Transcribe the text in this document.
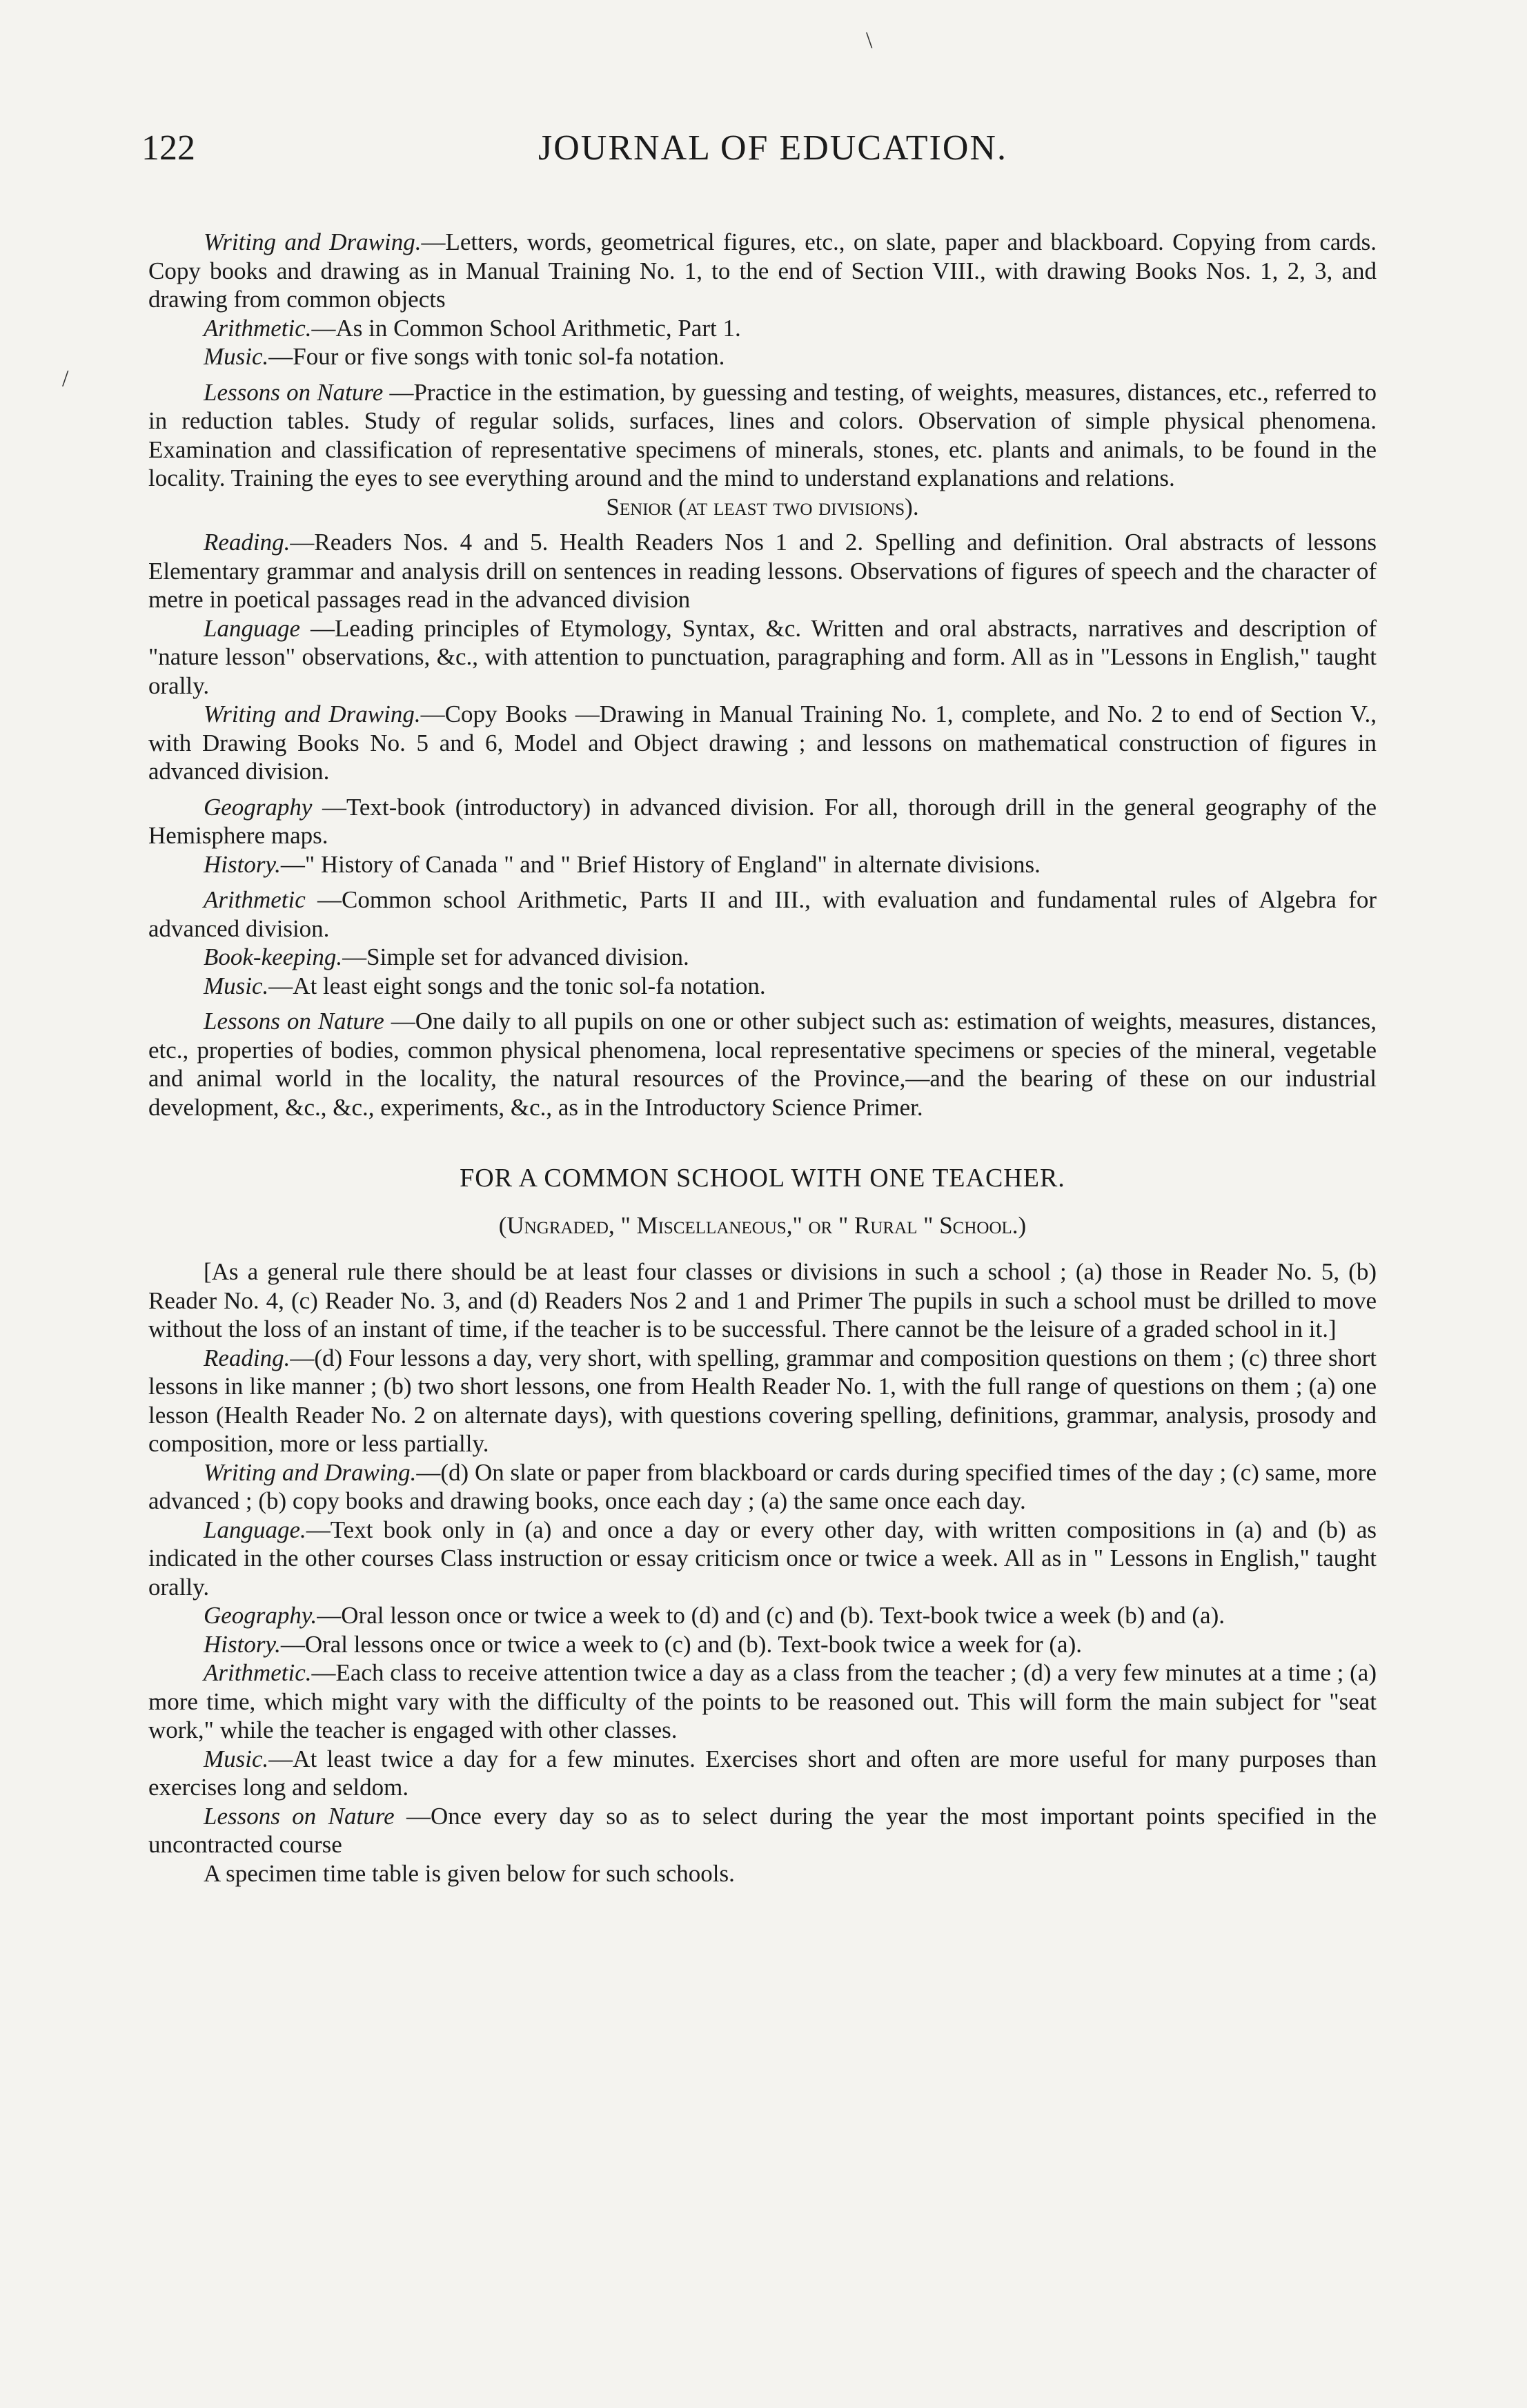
122	JOURNAL OF EDUCATION.
\
/

Writing and Drawing.—Letters, words, geometrical figures, etc., on slate, paper and blackboard. Copying from cards. Copy books and drawing as in Manual Training No. 1, to the end of Section VIII., with drawing Books Nos. 1, 2, 3, and drawing from common objects

Arithmetic.—As in Common School Arithmetic, Part 1.

Music.—Four or five songs with tonic sol-fa notation.

Lessons on Nature —Practice in the estimation, by guessing and testing, of weights, measures, distances, etc., referred to in reduction tables. Study of regular solids, surfaces, lines and colors. Observation of simple physical phenomena. Examination and classification of representative specimens of minerals, stones, etc. plants and animals, to be found in the locality. Training the eyes to see everything around and the mind to understand explanations and relations.

Senior (at least two divisions).

Reading.—Readers Nos. 4 and 5. Health Readers Nos 1 and 2. Spelling and definition. Oral abstracts of lessons Elementary grammar and analysis drill on sentences in reading lessons. Observations of figures of speech and the character of metre in poetical passages read in the advanced division

Language —Leading principles of Etymology, Syntax, &c. Written and oral abstracts, narratives and description of "nature lesson" observations, &c., with attention to punctuation, paragraphing and form. All as in "Lessons in English," taught orally.

Writing and Drawing.—Copy Books —Drawing in Manual Training No. 1, complete, and No. 2 to end of Section V., with Drawing Books No. 5 and 6, Model and Object drawing ; and lessons on mathematical construction of figures in advanced division.

Geography —Text-book (introductory) in advanced division. For all, thorough drill in the general geography of the Hemisphere maps.

History.—" History of Canada " and " Brief History of England" in alternate divisions.

Arithmetic —Common school Arithmetic, Parts II and III., with evaluation and fundamental rules of Algebra for advanced division.

Book-keeping.—Simple set for advanced division.

Music.—At least eight songs and the tonic sol-fa notation.

Lessons on Nature —One daily to all pupils on one or other subject such as: estimation of weights, measures, distances, etc., properties of bodies, common physical phenomena, local representative specimens or species of the mineral, vegetable and animal world in the locality, the natural resources of the Province,—and the bearing of these on our industrial development, &c., &c., experiments, &c., as in the Introductory Science Primer.

FOR A COMMON SCHOOL WITH ONE TEACHER.

(Ungraded, " Miscellaneous," or " Rural " School.)

[As a general rule there should be at least four classes or divisions in such a school ; (a) those in Reader No. 5, (b) Reader No. 4, (c) Reader No. 3, and (d) Readers Nos 2 and 1 and Primer The pupils in such a school must be drilled to move without the loss of an instant of time, if the teacher is to be successful. There cannot be the leisure of a graded school in it.]

Reading.—(d) Four lessons a day, very short, with spelling, grammar and composition questions on them ; (c) three short lessons in like manner ; (b) two short lessons, one from Health Reader No. 1, with the full range of questions on them ; (a) one lesson (Health Reader No. 2 on alternate days), with questions covering spelling, definitions, grammar, analysis, prosody and composition, more or less partially.

Writing and Drawing.—(d) On slate or paper from blackboard or cards during specified times of the day ; (c) same, more advanced ; (b) copy books and drawing books, once each day ; (a) the same once each day.

Language.—Text book only in (a) and once a day or every other day, with written compositions in (a) and (b) as indicated in the other courses Class instruction or essay criticism once or twice a week. All as in " Lessons in English," taught orally.

Geography.—Oral lesson once or twice a week to (d) and (c) and (b). Text-book twice a week (b) and (a).

History.—Oral lessons once or twice a week to (c) and (b). Text-book twice a week for (a).

Arithmetic.—Each class to receive attention twice a day as a class from the teacher ; (d) a very few minutes at a time ; (a) more time, which might vary with the difficulty of the points to be reasoned out. This will form the main subject for "seat work," while the teacher is engaged with other classes.

Music.—At least twice a day for a few minutes. Exercises short and often are more useful for many purposes than exercises long and seldom.

Lessons on Nature —Once every day so as to select during the year the most important points specified in the uncontracted course

A specimen time table is given below for such schools.
